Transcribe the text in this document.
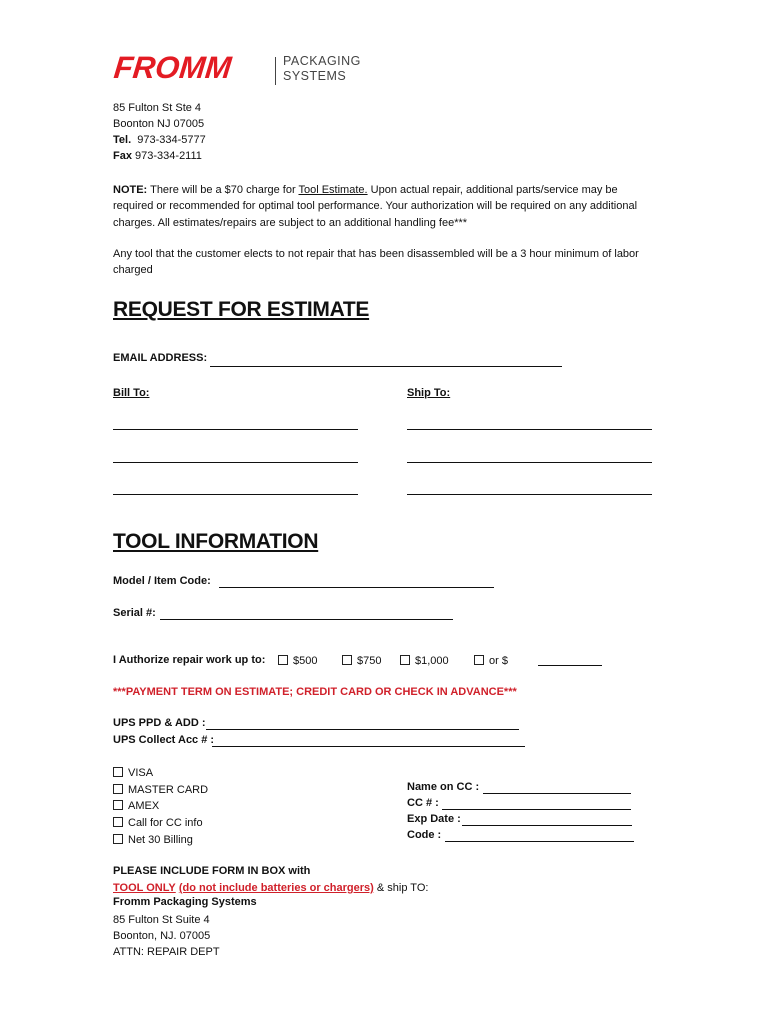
FROMM	PACKAGING
SYSTEMS
85 Fulton St Ste 4
Boonton NJ 07005
Tel. 973-334-5777
Fax 973-334-2111
NOTE: There will be a $70 charge for Tool Estimate. Upon actual repair, additional parts/service may be required or recommended for optimal tool performance. Your authorization will be required on any additional charges. All estimates/repairs are subject to an additional handling fee***
Any tool that the customer elects to not repair that has been disassembled will be a 3 hour minimum of labor charged
REQUEST FOR ESTIMATE
EMAIL ADDRESS:
Bill To:	Ship To:
TOOL INFORMATION
Model / Item Code:
Serial #:
I Authorize repair work up to:	$500	$750	$1,000	or $
***PAYMENT TERM ON ESTIMATE; CREDIT CARD OR CHECK IN ADVANCE***
UPS PPD & ADD :
UPS Collect Acc # :
VISA
MASTER CARD
AMEX
Call for CC info
Net 30 Billing
Name on CC :
CC # :
Exp Date :
Code :
PLEASE INCLUDE FORM IN BOX with
TOOL ONLY (do not include batteries or chargers) & ship TO:
Fromm Packaging Systems
85 Fulton St Suite 4
Boonton, NJ. 07005
ATTN: REPAIR DEPT
